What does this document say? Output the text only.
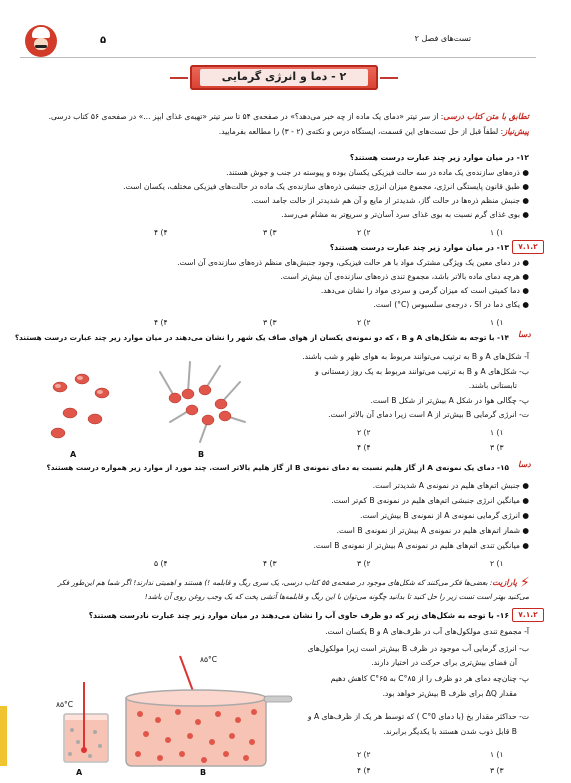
۵	تست‌های فصل ۲
۲ - دما و انرژی گرمایی
تطابق با متن کتاب درسی: از سر تیتر «دمای یک ماده از چه خبر می‌دهد؟» در صفحه‌ی ۵۴ تا سر تیتر «تهیه‌ی غذای ابپز ...» در صفحه‌ی ۵۶ کتاب درسی.
پیش‌نیاز: لطفاً قبل از حل تست‌های این قسمت، ایستگاه درس و نکته‌ی (۲ - ۳) را مطالعه بفرمایید.
۱۲- در میان موارد زیر چند عبارت درست هستند؟
● ذره‌های سازنده‌ی یک ماده در سه حالت فیزیکی یکسان بوده و پیوسته در جنب و جوش هستند.
● طبق قانون پایستگی انرژی، مجموع میزان انرژی جنبشی ذره‌های سازنده‌ی یک ماده در حالت‌های فیزیکی مختلف، یکسان است.
● جنبش منظم ذره‌ها در حالت گاز، شدیدتر از مایع و آن هم شدیدتر از حالت جامد است.
● بوی غذای گرم نسبت به بوی غذای سرد آسان‌تر و سریع‌تر به مشام می‌رسد.
۱ (۱
۲ (۲
۳ (۳
۴ (۴
۷.۱.۲
۱۳- در میان موارد زیر چند عبارت درست هستند؟
● در دمای معین یک ویژگی مشترک مواد با هر حالت فیزیکی، وجود جنبش‌های منظم ذره‌های سازنده‌ی آن است.
● هرچه دمای ماده بالاتر باشد، مجموع تندی ذره‌های سازنده‌ی آن بیش‌تر است.
● دما کمیتی است که میزان گرمی و سردی مواد را نشان می‌دهد.
● یکای دما در SI ، درجه‌ی سلسیوس (C°) است.
۱ (۱
۲ (۲
۳ (۳
۴ (۴
دسا
۱۴- با توجه به شکل‌های A و B ، که دو نمونه‌ی یکسان از هوای صاف یک شهر را نشان می‌دهند در میان موارد زیر چند عبارت درست هستند؟
آ- شکل‌های A و B به ترتیب می‌توانند مربوط به هوای ظهر و شب باشند.
ب- شکل‌های A و B به ترتیب می‌توانند مربوط به یک روز زمستانی و
تابستانی باشند.
پ- چگالی هوا در شکل A بیش‌تر از شکل B است.
ت- انرژی گرمایی B بیش‌تر از A است زیرا دمای آن بالاتر است.
۱ (۱
۲ (۲
۳ (۳
۴ (۴
A	B
دسا
۱۵- دمای یک نمونه‌ی A از گاز هلیم نسبت به دمای نمونه‌ی B از گاز هلیم بالاتر است. چند مورد از موارد زیر همواره درست هستند؟
● جنبش اتم‌های هلیم در نمونه‌ی A شدیدتر است.
● میانگین انرژی جنبشی اتم‌های هلیم در نمونه‌ی B کم‌تر است.
● انرژی گرمایی نمونه‌ی A از نمونه‌ی B بیش‌تر است.
● شمار اتم‌های هلیم در نمونه‌ی A بیش‌تر از نمونه‌ی B است.
● میانگین تندی اتم‌های هلیم در نمونه‌ی A بیش‌تر از نمونه‌ی B است.
۲ (۱
۳ (۲
۴ (۳
۵ (۴
⚡
پارازیت: بعضی‌ها فکر می‌کنند که شکل‌های موجود در صفحه‌ی ۵۵ کتاب درسی، یک سری ریگ و قابلمه !) هستند و اهمیتی ندارند! اگر شما هم این‌طور فکر
می‌کنید بهتر است تست زیر را حل کنید تا بدانید چگونه می‌توان با این ریگ و قابلمه‌ها آتشی پخت که یک وجب روغن روی آن باشد!
۷.۱.۲
۱۶- با توجه به شکل‌های زیر که دو ظرف حاوی آب را نشان می‌دهند در میان موارد زیر چند عبارت نادرست هستند؟
آ- مجموع تندی مولکول‌های آب در ظرف‌های A و B یکسان است.
ب- انرژی گرمایی آب موجود در ظرف B بیش‌تر است زیرا مولکول‌های
آن فضای بیش‌تری برای حرکت در اختیار دارند.
پ- چنان‌چه دمای هر دو ظرف را از ۸۵°C به ۶۵°C کاهش دهیم
مقدار ΔQ برای ظرف B بیش‌تر خواهد بود.
ت- حداکثر مقدار یخ (با دمای 0°C ) که توسط هر یک از ظرف‌های A و
B قابل ذوب شدن هستند با یکدیگر برابرند.
۱ (۱
۲ (۲
۳ (۳
۴ (۴
۸۵°C
A
۸۵°C
B
